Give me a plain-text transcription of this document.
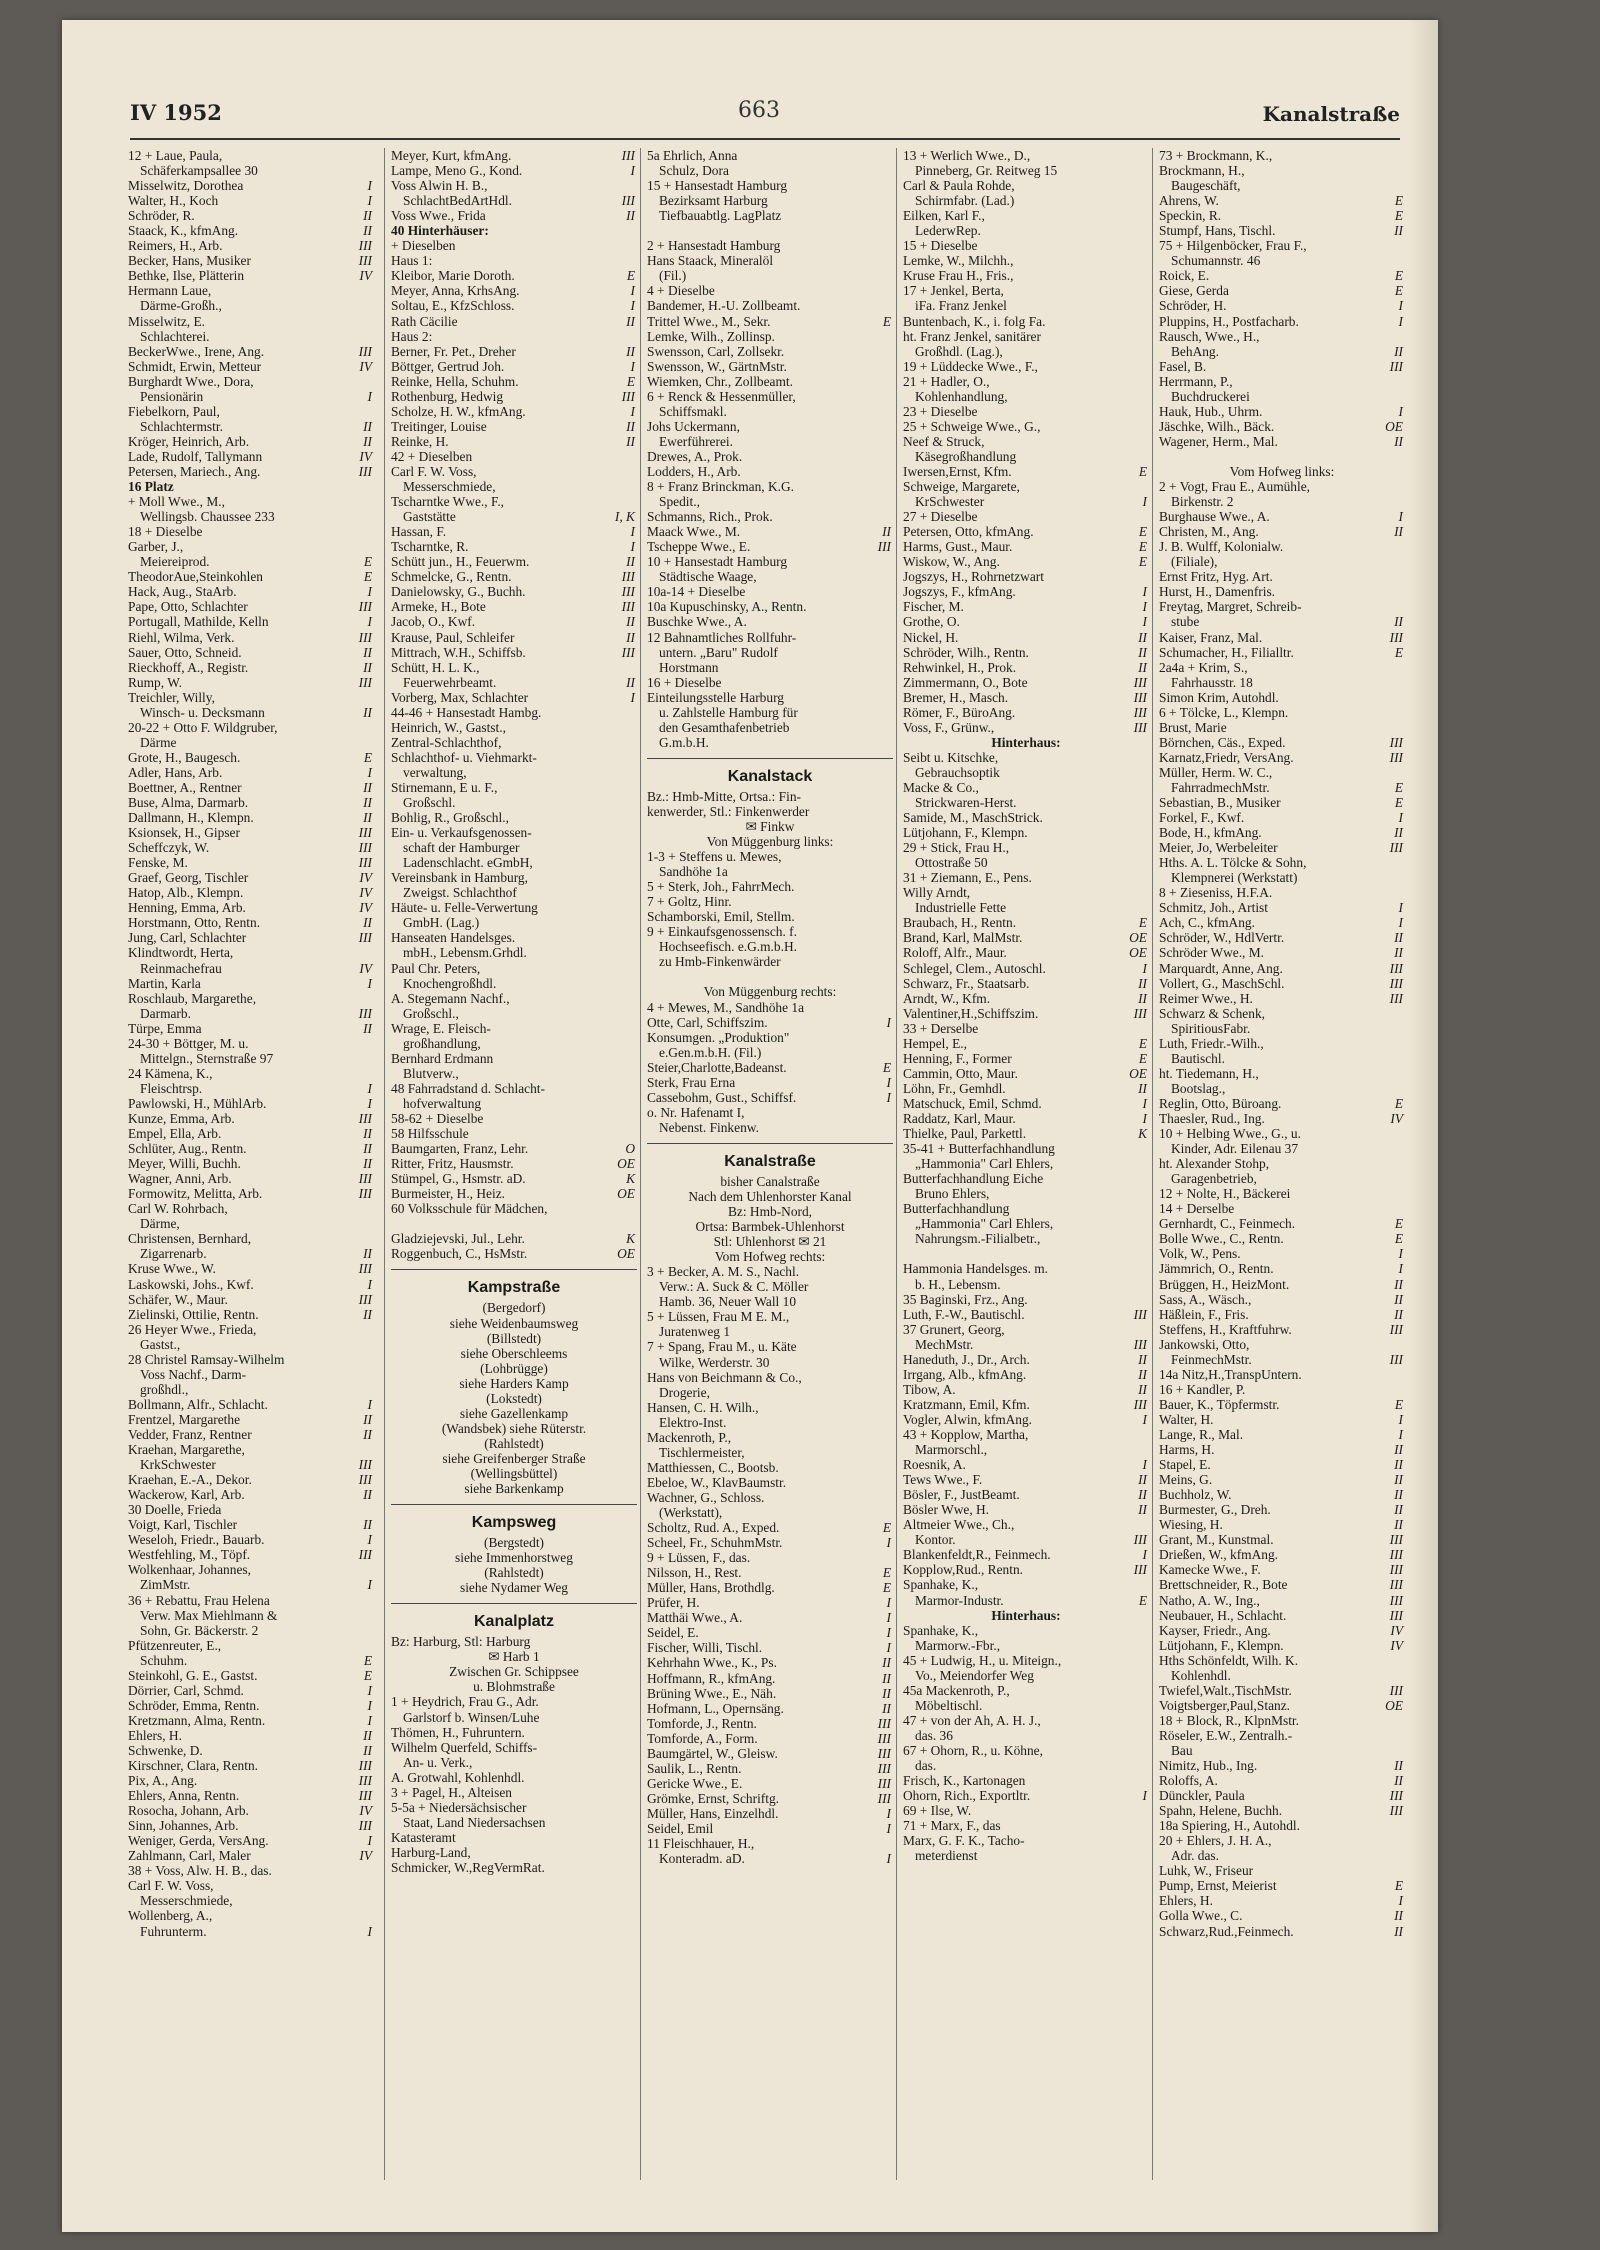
IV 1952	663	Kanalstraße
12 + Laue, Paula,
Schäferkampsallee 30
Misselwitz, Dorothea	I
Walter, H., Koch	I
Schröder, R.	II
Staack, K., kfmAng.	II
Reimers, H., Arb.	III
Becker, Hans, Musiker	III
Bethke, Ilse, Plätterin	IV
Hermann Laue,
Därme-Großh.,
Misselwitz, E.
Schlachterei.
BeckerWwe., Irene, Ang.	III
Schmidt, Erwin, Metteur	IV
Burghardt Wwe., Dora,
Pensionärin	I
Fiebelkorn, Paul,
Schlachtermstr.	II
Kröger, Heinrich, Arb.	II
Lade, Rudolf, Tallymann	IV
Petersen, Mariech., Ang.	III
16 Platz
+ Moll Wwe., M.,
Wellingsb. Chaussee 233
18 + Dieselbe
Garber, J.,
Meiereiprod.	E
TheodorAue,Steinkohlen	E
Hack, Aug., StaArb.	I
Pape, Otto, Schlachter	III
Portugall, Mathilde, Kelln	I
Riehl, Wilma, Verk.	III
Sauer, Otto, Schneid.	II
Rieckhoff, A., Registr.	II
Rump, W.	III
Treichler, Willy,
Winsch- u. Decksmann	II
20-22 + Otto F. Wildgruber,
Därme
Grote, H., Baugesch.	E
Adler, Hans, Arb.	I
Boettner, A., Rentner	II
Buse, Alma, Darmarb.	II
Dallmann, H., Klempn.	II
Ksionsek, H., Gipser	III
Scheffczyk, W.	III
Fenske, M.	III
Graef, Georg, Tischler	IV
Hatop, Alb., Klempn.	IV
Henning, Emma, Arb.	IV
Horstmann, Otto, Rentn.	II
Jung, Carl, Schlachter	III
Klindtwordt, Herta,
Reinmachefrau	IV
Martin, Karla	I
Roschlaub, Margarethe,
Darmarb.	III
Türpe, Emma	II
24-30 + Böttger, M. u.
Mittelgn., Sternstraße 97
24 Kämena, K.,
Fleischtrsp.	I
Pawlowski, H., MühlArb.	I
Kunze, Emma, Arb.	III
Empel, Ella, Arb.	II
Schlüter, Aug., Rentn.	II
Meyer, Willi, Buchh.	II
Wagner, Anni, Arb.	III
Formowitz, Melitta, Arb.	III
Carl W. Rohrbach,
Därme,
Christensen, Bernhard,
Zigarrenarb.	II
Kruse Wwe., W.	III
Laskowski, Johs., Kwf.	I
Schäfer, W., Maur.	III
Zielinski, Ottilie, Rentn.	II
26 Heyer Wwe., Frieda,
Gastst.,
28 Christel Ramsay-Wilhelm
Voss Nachf., Darm-
großhdl.,
Bollmann, Alfr., Schlacht.	I
Frentzel, Margarethe	II
Vedder, Franz, Rentner	II
Kraehan, Margarethe,
KrkSchwester	III
Kraehan, E.-A., Dekor.	III
Wackerow, Karl, Arb.	II
30 Doelle, Frieda
Voigt, Karl, Tischler	II
Weseloh, Friedr., Bauarb.	I
Westfehling, M., Töpf.	III
Wolkenhaar, Johannes,
ZimMstr.	I
36 + Rebattu, Frau Helena
Verw. Max Miehlmann &
Sohn, Gr. Bäckerstr. 2
Pfützenreuter, E.,
Schuhm.	E
Steinkohl, G. E., Gastst.	E
Dörrier, Carl, Schmd.	I
Schröder, Emma, Rentn.	I
Kretzmann, Alma, Rentn.	I
Ehlers, H.	II
Schwenke, D.	II
Kirschner, Clara, Rentn.	III
Pix, A., Ang.	III
Ehlers, Anna, Rentn.	III
Rosocha, Johann, Arb.	IV
Sinn, Johannes, Arb.	III
Weniger, Gerda, VersAng.	I
Zahlmann, Carl, Maler	IV
38 + Voss, Alw. H. B., das.
Carl F. W. Voss,
Messerschmiede,
Wollenberg, A.,
Fuhrunterm.	I
Meyer, Kurt, kfmAng.	III
Lampe, Meno G., Kond.	I
Voss Alwin H. B.,
SchlachtBedArtHdl.	III
Voss Wwe., Frida	II
40 Hinterhäuser:
+ Dieselben
Haus 1:
Kleibor, Marie Doroth.	E
Meyer, Anna, KrhsAng.	I
Soltau, E., KfzSchloss.	I
Rath Cäcilie	II
Haus 2:
Berner, Fr. Pet., Dreher	II
Böttger, Gertrud Joh.	I
Reinke, Hella, Schuhm.	E
Rothenburg, Hedwig	III
Scholze, H. W., kfmAng.	I
Treitinger, Louise	II
Reinke, H.	II
42 + Dieselben
Carl F. W. Voss,
Messerschmiede,
Tscharntke Wwe., F.,
Gaststätte	I, K
Hassan, F.	I
Tscharntke, R.	I
Schütt jun., H., Feuerwm.	II
Schmelcke, G., Rentn.	III
Danielowsky, G., Buchh.	III
Armeke, H., Bote	III
Jacob, O., Kwf.	II
Krause, Paul, Schleifer	II
Mittrach, W.H., Schiffsb.	III
Schütt, H. L. K.,
Feuerwehrbeamt.	II
Vorberg, Max, Schlachter	I
44-46 + Hansestadt Hambg.
Heinrich, W., Gastst.,
Zentral-Schlachthof,
Schlachthof- u. Viehmarkt-
verwaltung,
Stirnemann, E u. F.,
Großschl.
Bohlig, R., Großschl.,
Ein- u. Verkaufsgenossen-
schaft der Hamburger
Ladenschlacht. eGmbH,
Vereinsbank in Hamburg,
Zweigst. Schlachthof
Häute- u. Felle-Verwertung
GmbH. (Lag.)
Hanseaten Handelsges.
mbH., Lebensm.Grhdl.
Paul Chr. Peters,
Knochengroßhdl.
A. Stegemann Nachf.,
Großschl.,
Wrage, E. Fleisch-
großhandlung,
Bernhard Erdmann
Blutverw.,
48 Fahrradstand d. Schlacht-
hofverwaltung
58-62 + Dieselbe
58 Hilfsschule
Baumgarten, Franz, Lehr.	O
Ritter, Fritz, Hausmstr.	OE
Stümpel, G., Hsmstr. aD.	K
Burmeister, H., Heiz.	OE
60 Volksschule für Mädchen,
Gladziejevski, Jul., Lehr.	K
Roggenbuch, C., HsMstr.	OE
Kampstraße
(Bergedorf)
siehe Weidenbaumsweg
(Billstedt)
siehe Oberschleems
(Lohbrügge)
siehe Harders Kamp
(Lokstedt)
siehe Gazellenkamp
(Wandsbek) siehe Rüterstr.
(Rahlstedt)
siehe Greifenberger Straße
(Wellingsbüttel)
siehe Barkenkamp
Kampsweg
(Bergstedt)
siehe Immenhorstweg
(Rahlstedt)
siehe Nydamer Weg
Kanalplatz
Bz: Harburg, Stl: Harburg
✉ Harb 1
Zwischen Gr. Schippsee
u. Blohmstraße
1 + Heydrich, Frau G., Adr.
Garlstorf b. Winsen/Luhe
Thömen, H., Fuhruntern.
Wilhelm Querfeld, Schiffs-
An- u. Verk.,
A. Grotwahl, Kohlenhdl.
3 + Pagel, H., Alteisen
5-5a + Niedersächsischer
Staat, Land Niedersachsen
Katasteramt
Harburg-Land,
Schmicker, W.,RegVermRat.
5a Ehrlich, Anna
Schulz, Dora
15 + Hansestadt Hamburg
Bezirksamt Harburg
Tiefbauabtlg. LagPlatz
2 + Hansestadt Hamburg
Hans Staack, Mineralöl
(Fil.)
4 + Dieselbe
Bandemer, H.-U. Zollbeamt.
Trittel Wwe., M., Sekr.	E
Lemke, Wilh., Zollinsp.
Swensson, Carl, Zollsekr.
Swensson, W., GärtnMstr.
Wiemken, Chr., Zollbeamt.
6 + Renck & Hessenmüller,
Schiffsmakl.
Johs Uckermann,
Ewerführerei.
Drewes, A., Prok.
Lodders, H., Arb.
8 + Franz Brinckman, K.G.
Spedit.,
Schmanns, Rich., Prok.
Maack Wwe., M.	II
Tscheppe Wwe., E.	III
10 + Hansestadt Hamburg
Städtische Waage,
10a-14 + Dieselbe
10a Kupuschinsky, A., Rentn.
Buschke Wwe., A.
12 Bahnamtliches Rollfuhr-
untern. „Baru" Rudolf
Horstmann
16 + Dieselbe
Einteilungsstelle Harburg
u. Zahlstelle Hamburg für
den Gesamthafenbetrieb
G.m.b.H.
Kanalstack
Bz.: Hmb-Mitte, Ortsa.: Fin-
kenwerder, Stl.: Finkenwerder
✉ Finkw
Von Müggenburg links:
1-3 + Steffens u. Mewes,
Sandhöhe 1a
5 + Sterk, Joh., FahrrMech.
7 + Goltz, Hinr.
Schamborski, Emil, Stellm.
9 + Einkaufsgenossensch. f.
Hochseefisch. e.G.m.b.H.
zu Hmb-Finkenwärder
Von Müggenburg rechts:
4 + Mewes, M., Sandhöhe 1a
Otte, Carl, Schiffszim.	I
Konsumgen. „Produktion"
e.Gen.m.b.H. (Fil.)
Steier,Charlotte,Badeanst.	E
Sterk, Frau Erna	I
Cassebohm, Gust., Schiffsf.	I
o. Nr. Hafenamt I,
Nebenst. Finkenw.
Kanalstraße
bisher Canalstraße
Nach dem Uhlenhorster Kanal
Bz: Hmb-Nord,
Ortsa: Barmbek-Uhlenhorst
Stl: Uhlenhorst ✉ 21
Vom Hofweg rechts:
3 + Becker, A. M. S., Nachl.
Verw.: A. Suck & C. Möller
Hamb. 36, Neuer Wall 10
5 + Lüssen, Frau M E. M.,
Juratenweg 1
7 + Spang, Frau M., u. Käte
Wilke, Werderstr. 30
Hans von Beichmann & Co.,
Drogerie,
Hansen, C. H. Wilh.,
Elektro-Inst.
Mackenroth, P.,
Tischlermeister,
Matthiessen, C., Bootsb.
Ebeloe, W., KlavBaumstr.
Wachner, G., Schloss.
(Werkstatt),
Scholtz, Rud. A., Exped.	E
Scheel, Fr., SchuhmMstr.	I
9 + Lüssen, F., das.
Nilsson, H., Rest.	E
Müller, Hans, Brothdlg.	E
Prüfer, H.	I
Matthäi Wwe., A.	I
Seidel, E.	I
Fischer, Willi, Tischl.	I
Kehrhahn Wwe., K., Ps.	II
Hoffmann, R., kfmAng.	II
Brüning Wwe., E., Näh.	II
Hofmann, L., Opernsäng.	II
Tomforde, J., Rentn.	III
Tomforde, A., Form.	III
Baumgärtel, W., Gleisw.	III
Saulik, L., Rentn.	III
Gericke Wwe., E.	III
Grömke, Ernst, Schriftg.	III
Müller, Hans, Einzelhdl.	I
Seidel, Emil	I
11 Fleischhauer, H.,
Konteradm. aD.	I
13 + Werlich Wwe., D.,
Pinneberg, Gr. Reitweg 15
Carl & Paula Rohde,
Schirmfabr. (Lad.)
Eilken, Karl F.,
LederwRep.
15 + Dieselbe
Lemke, W., Milchh.,
Kruse Frau H., Fris.,
17 + Jenkel, Berta,
iFa. Franz Jenkel
Buntenbach, K., i. folg Fa.
ht. Franz Jenkel, sanitärer
Großhdl. (Lag.),
19 + Lüddecke Wwe., F.,
21 + Hadler, O.,
Kohlenhandlung,
23 + Dieselbe
25 + Schweige Wwe., G.,
Neef & Struck,
Käsegroßhandlung
Iwersen,Ernst, Kfm.	E
Schweige, Margarete,
KrSchwester	I
27 + Dieselbe
Petersen, Otto, kfmAng.	E
Harms, Gust., Maur.	E
Wiskow, W., Ang.	E
Jogszys, H., Rohrnetzwart
Jogszys, F., kfmAng.	I
Fischer, M.	I
Grothe, O.	I
Nickel, H.	II
Schröder, Wilh., Rentn.	II
Rehwinkel, H., Prok.	II
Zimmermann, O., Bote	III
Bremer, H., Masch.	III
Römer, F., BüroAng.	III
Voss, F., Grünw.,	III
Hinterhaus:
Seibt u. Kitschke,
Gebrauchsoptik
Macke & Co.,
Strickwaren-Herst.
Samide, M., MaschStrick.
Lütjohann, F., Klempn.
29 + Stick, Frau H.,
Ottostraße 50
31 + Ziemann, E., Pens.
Willy Arndt,
Industrielle Fette
Braubach, H., Rentn.	E
Brand, Karl, MalMstr.	OE
Roloff, Alfr., Maur.	OE
Schlegel, Clem., Autoschl.	I
Schwarz, Fr., Staatsarb.	II
Arndt, W., Kfm.	II
Valentiner,H.,Schiffszim.	III
33 + Derselbe
Hempel, E.,	E
Henning, F., Former	E
Cammin, Otto, Maur.	OE
Löhn, Fr., Gemhdl.	II
Matschuck, Emil, Schmd.	I
Raddatz, Karl, Maur.	I
Thielke, Paul, Parkettl.	K
35-41 + Butterfachhandlung
„Hammonia" Carl Ehlers,
Butterfachhandlung Eiche
Bruno Ehlers,
Butterfachhandlung
„Hammonia" Carl Ehlers,
Nahrungsm.-Filialbetr.,
Hammonia Handelsges. m.
b. H., Lebensm.
35 Baginski, Frz., Ang.
Luth, F.-W., Bautischl.	III
37 Grunert, Georg,
MechMstr.	III
Haneduth, J., Dr., Arch.	II
Irrgang, Alb., kfmAng.	II
Tibow, A.	II
Kratzmann, Emil, Kfm.	III
Vogler, Alwin, kfmAng.	I
43 + Kopplow, Martha,
Marmorschl.,
Roesnik, A.	I
Tews Wwe., F.	II
Bösler, F., JustBeamt.	II
Bösler Wwe, H.	II
Altmeier Wwe., Ch.,
Kontor.	III
Blankenfeldt,R., Feinmech.	I
Kopplow,Rud., Rentn.	III
Spanhake, K.,
Marmor-Industr.	E
Hinterhaus:
Spanhake, K.,
Marmorw.-Fbr.,
45 + Ludwig, H., u. Miteign.,
Vo., Meiendorfer Weg
45a Mackenroth, P.,
Möbeltischl.
47 + von der Ah, A. H. J.,
das. 36
67 + Ohorn, R., u. Köhne,
das.
Frisch, K., Kartonagen
Ohorn, Rich., Exportltr.	I
69 + Ilse, W.
71 + Marx, F., das
Marx, G. F. K., Tacho-
meterdienst
73 + Brockmann, K.,
Brockmann, H.,
Baugeschäft,
Ahrens, W.	E
Speckin, R.	E
Stumpf, Hans, Tischl.	II
75 + Hilgenböcker, Frau F.,
Schumannstr. 46
Roick, E.	E
Giese, Gerda	E
Schröder, H.	I
Pluppins, H., Postfacharb.	I
Rausch, Wwe., H.,
BehAng.	II
Fasel, B.	III
Herrmann, P.,
Buchdruckerei
Hauk, Hub., Uhrm.	I
Jäschke, Wilh., Bäck.	OE
Wagener, Herm., Mal.	II
Vom Hofweg links:
2 + Vogt, Frau E., Aumühle,
Birkenstr. 2
Burghause Wwe., A.	I
Christen, M., Ang.	II
J. B. Wulff, Kolonialw.
(Filiale),
Ernst Fritz, Hyg. Art.
Hurst, H., Damenfris.
Freytag, Margret, Schreib-
stube	II
Kaiser, Franz, Mal.	III
Schumacher, H., Filialltr.	E
2a4a + Krim, S.,
Fahrhausstr. 18
Simon Krim, Autohdl.
6 + Tölcke, L., Klempn.
Brust, Marie
Börnchen, Cäs., Exped.	III
Karnatz,Friedr, VersAng.	III
Müller, Herm. W. C.,
FahrradmechMstr.	E
Sebastian, B., Musiker	E
Forkel, F., Kwf.	I
Bode, H., kfmAng.	II
Meier, Jo, Werbeleiter	III
Hths. A. L. Tölcke & Sohn,
Klempnerei (Werkstatt)
8 + Zieseniss, H.F.A.
Schmitz, Joh., Artist	I
Ach, C., kfmAng.	I
Schröder, W., HdlVertr.	II
Schröder Wwe., M.	II
Marquardt, Anne, Ang.	III
Vollert, G., MaschSchl.	III
Reimer Wwe., H.	III
Schwarz & Schenk,
SpiritiousFabr.
Luth, Friedr.-Wilh.,
Bautischl.
ht. Tiedemann, H.,
Bootslag.,
Reglin, Otto, Büroang.	E
Thaesler, Rud., Ing.	IV
10 + Helbing Wwe., G., u.
Kinder, Adr. Eilenau 37
ht. Alexander Stohp,
Garagenbetrieb,
12 + Nolte, H., Bäckerei
14 + Derselbe
Gernhardt, C., Feinmech.	E
Bolle Wwe., C., Rentn.	E
Volk, W., Pens.	I
Jämmrich, O., Rentn.	I
Brüggen, H., HeizMont.	II
Sass, A., Wäsch.,	II
Häßlein, F., Fris.	II
Steffens, H., Kraftfuhrw.	III
Jankowski, Otto,
FeinmechMstr.	III
14a Nitz,H.,TranspUntern.
16 + Kandler, P.
Bauer, K., Töpfermstr.	E
Walter, H.	I
Lange, R., Mal.	I
Harms, H.	II
Stapel, E.	II
Meins, G.	II
Buchholz, W.	II
Burmester, G., Dreh.	II
Wiesing, H.	II
Grant, M., Kunstmal.	III
Drießen, W., kfmAng.	III
Kamecke Wwe., F.	III
Brettschneider, R., Bote	III
Natho, A. W., Ing.,	III
Neubauer, H., Schlacht.	III
Kayser, Friedr., Ang.	IV
Lütjohann, F., Klempn.	IV
Hths Schönfeldt, Wilh. K.
Kohlenhdl.
Twiefel,Walt.,TischMstr.	III
Voigtsberger,Paul,Stanz.	OE
18 + Block, R., KlpnMstr.
Röseler, E.W., Zentralh.-
Bau
Nimitz, Hub., Ing.	II
Roloffs, A.	II
Dünckler, Paula	III
Spahn, Helene, Buchh.	III
18a Spiering, H., Autohdl.
20 + Ehlers, J. H. A.,
Adr. das.
Luhk, W., Friseur
Pump, Ernst, Meierist	E
Ehlers, H.	I
Golla Wwe., C.	II
Schwarz,Rud.,Feinmech.	II
